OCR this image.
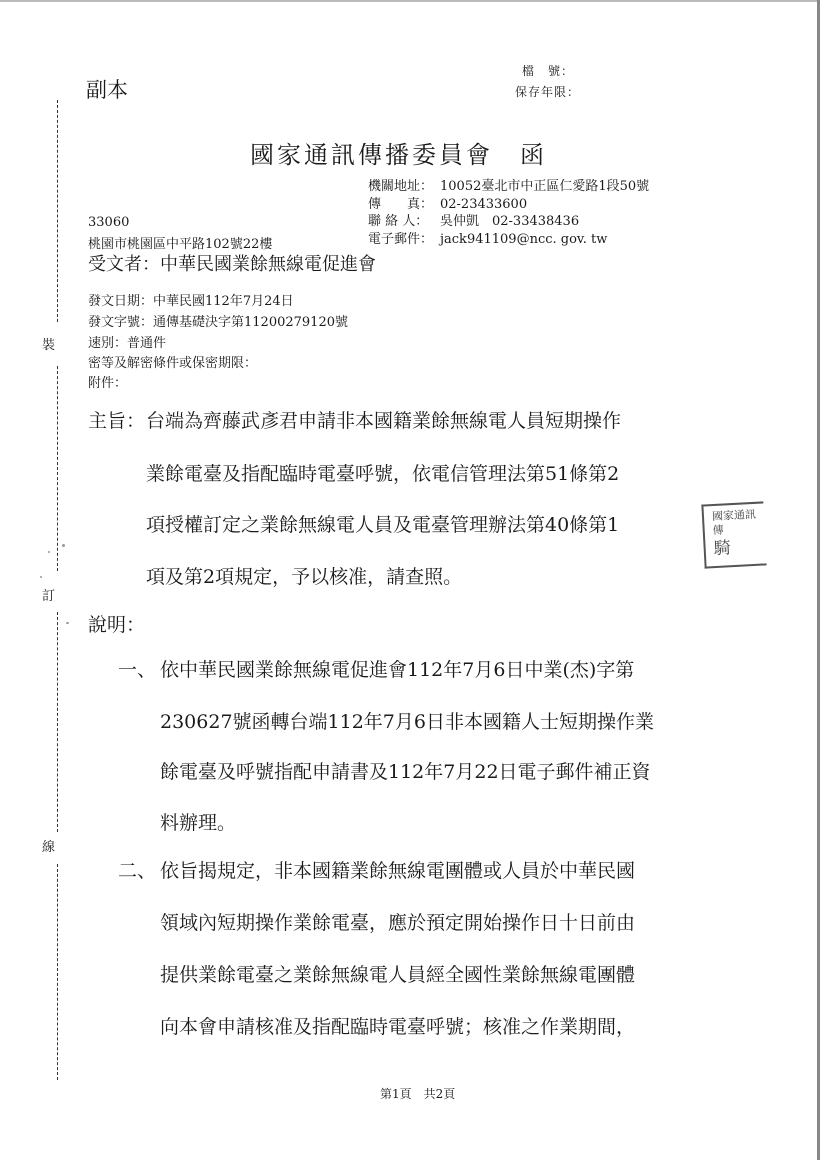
裝
訂
線
副本
檔　號：
保存年限：
國家通訊傳播委員會　函
機關地址： 10052臺北市中正區仁愛路1段50號
傳　　真： 02-23433600
聯 絡 人： 吳仲凱　02-33438436
電子郵件： jack941109@ncc. gov. tw
33060
桃園市桃園區中平路102號22樓
受文者：中華民國業餘無線電促進會
發文日期：中華民國112年7月24日
發文字號：通傳基礎決字第11200279120號
速別：普通件
密等及解密條件或保密期限：
附件：
主旨： 台端為齊藤武彥君申請非本國籍業餘無線電人員短期操作
業餘電臺及指配臨時電臺呼號，依電信管理法第51條第2
項授權訂定之業餘無線電人員及電臺管理辦法第40條第1
項及第2項規定，予以核准，請查照。
國家通訊傳
騎　　
說明：
一、 依中華民國業餘無線電促進會112年7月6日中業(杰)字第
230627號函轉台端112年7月6日非本國籍人士短期操作業
餘電臺及呼號指配申請書及112年7月22日電子郵件補正資
料辦理。
二、 依旨揭規定，非本國籍業餘無線電團體或人員於中華民國
領域內短期操作業餘電臺，應於預定開始操作日十日前由
提供業餘電臺之業餘無線電人員經全國性業餘無線電團體
向本會申請核准及指配臨時電臺呼號；核准之作業期間，
第1頁　共2頁
